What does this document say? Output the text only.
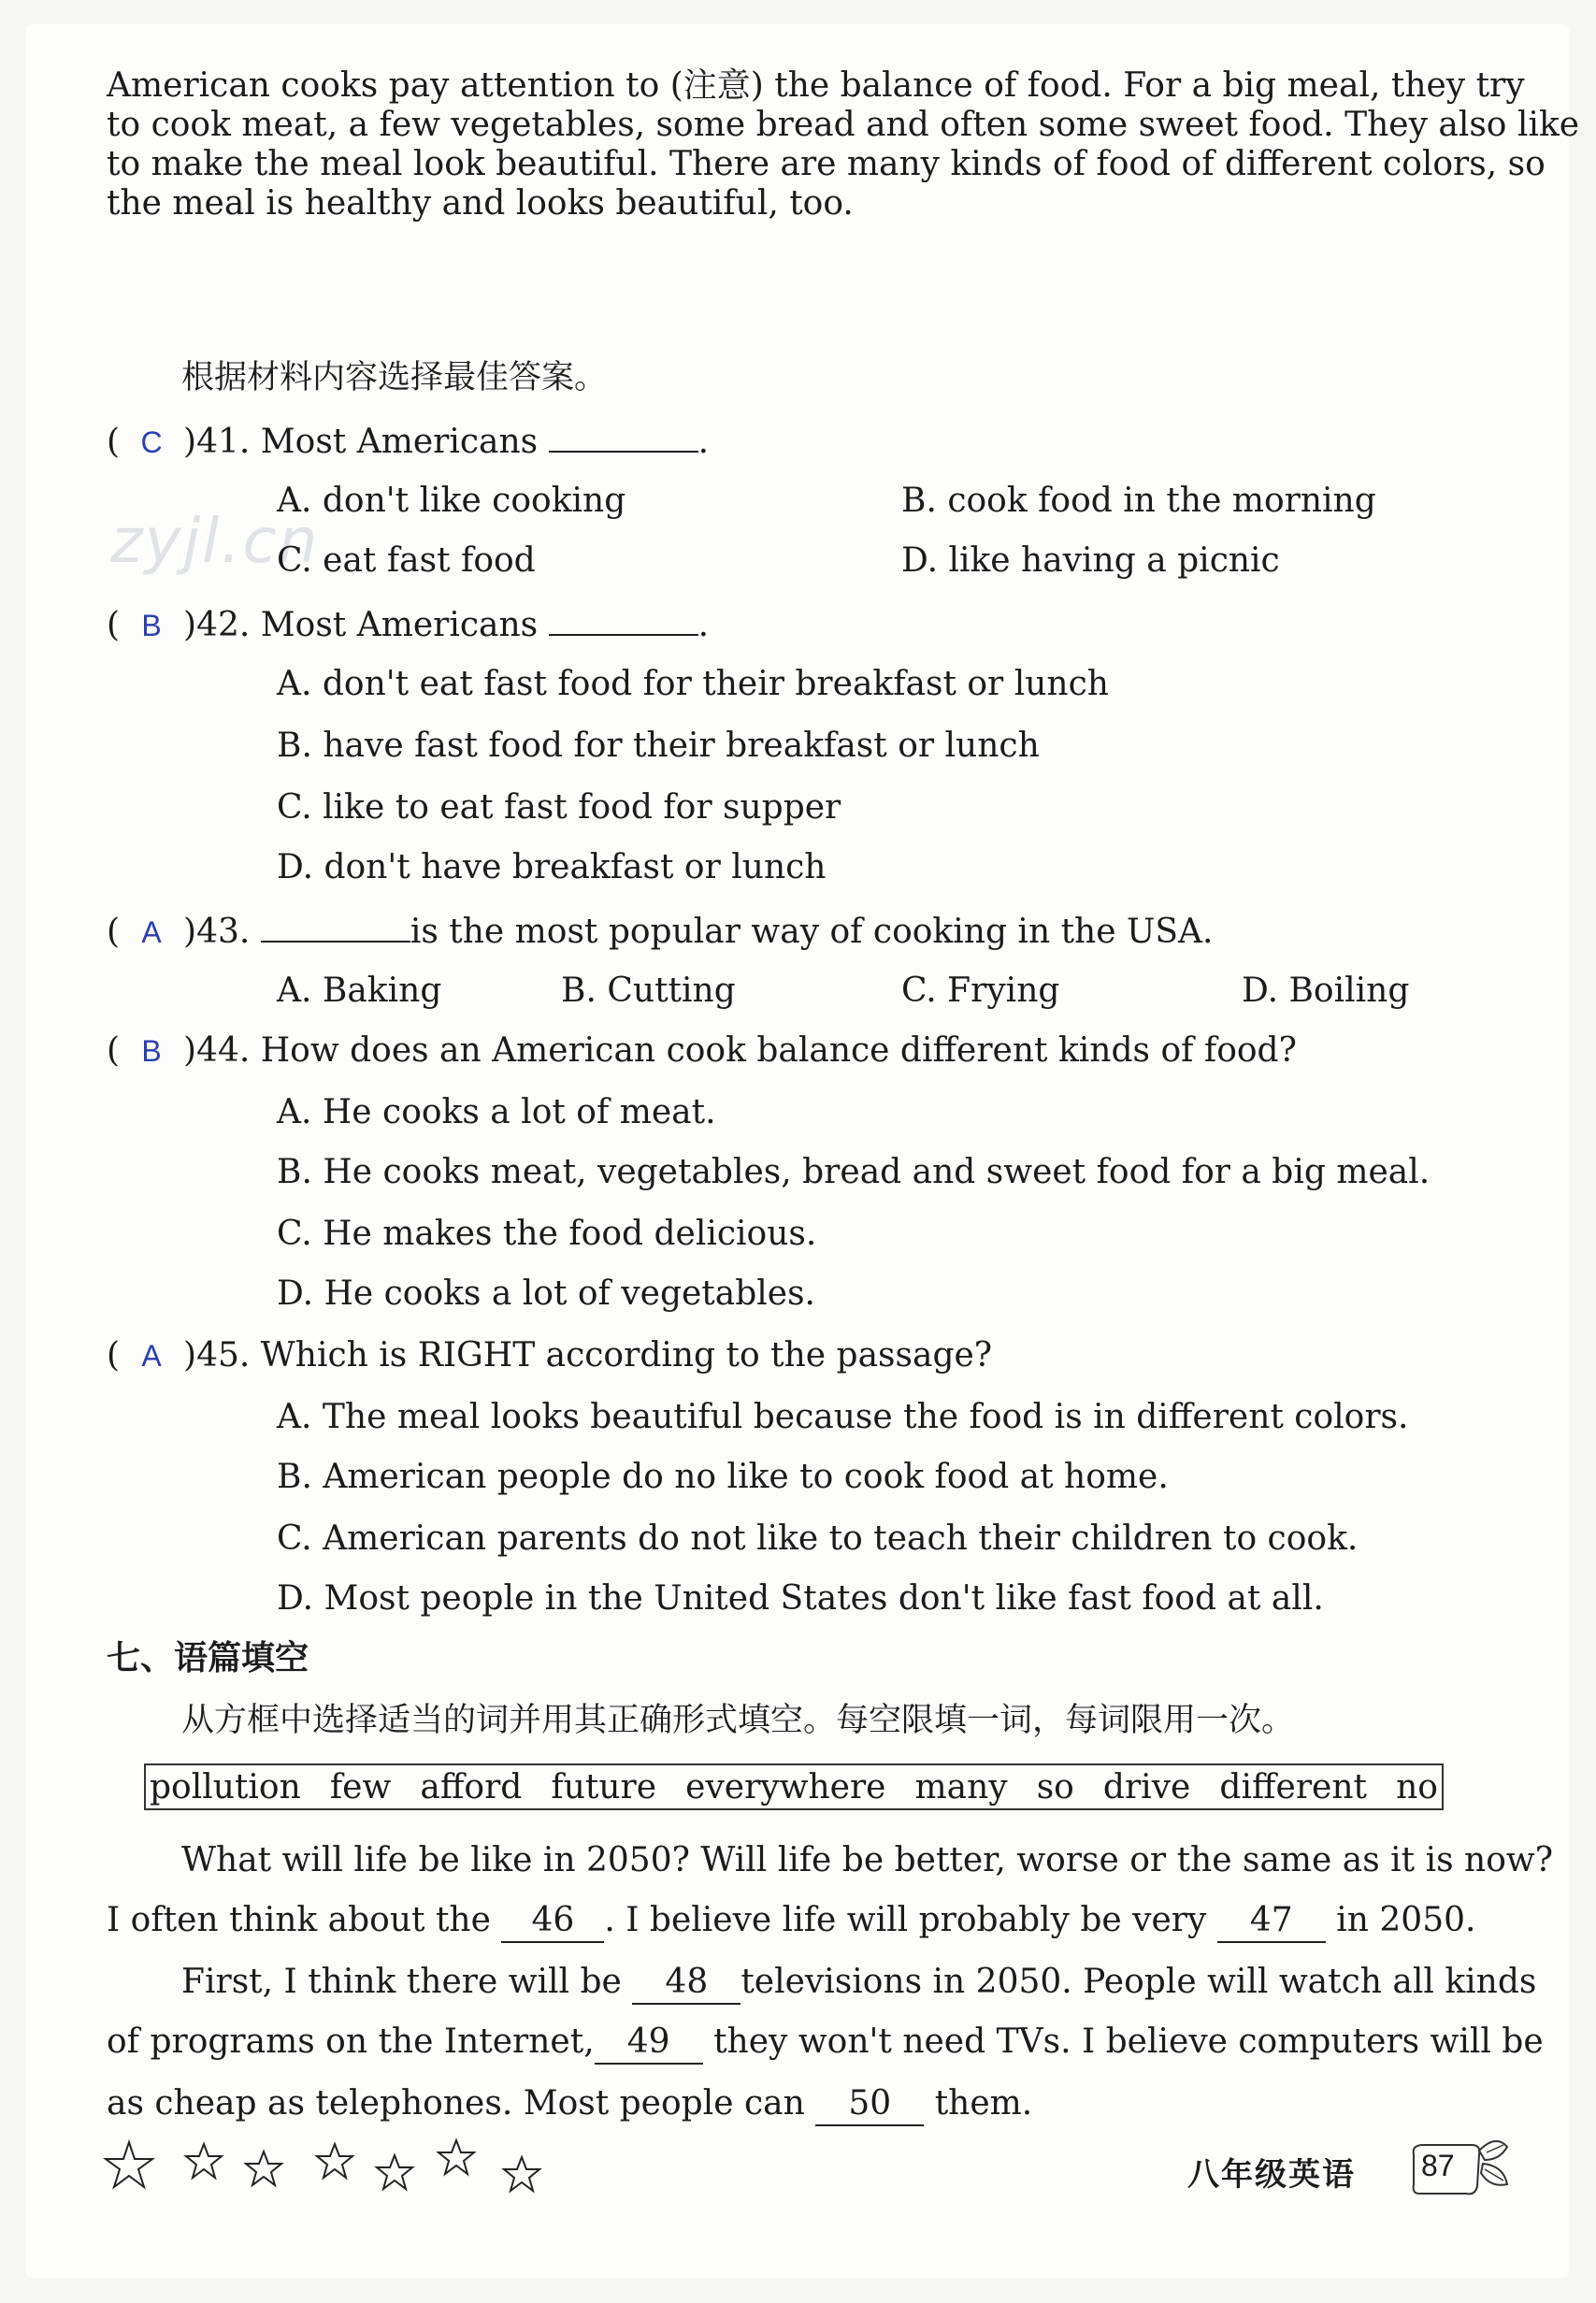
American cooks pay attention to (注意) the balance of food. For a big meal, they try
to cook meat, a few vegetables, some bread and often some sweet food. They also like
to make the meal look beautiful. There are many kinds of food of different colors, so
the meal is healthy and looks beautiful, too.
根据材料内容选择最佳答案。
zyjl.cn
( C )41. Most Americans	.
A. don't like cooking	B. cook food in the morning
C. eat fast food	D. like having a picnic
( B )42. Most Americans	.
A. don't eat fast food for their breakfast or lunch
B. have fast food for their breakfast or lunch
C. like to eat fast food for supper
D. don't have breakfast or lunch
( A )43.	is the most popular way of cooking in the USA.
A. Baking	B. Cutting	C. Frying	D. Boiling
( B )44. How does an American cook balance different kinds of food?
A. He cooks a lot of meat.
B. He cooks meat, vegetables, bread and sweet food for a big meal.
C. He makes the food delicious.
D. He cooks a lot of vegetables.
( A )45. Which is RIGHT according to the passage?
A. The meal looks beautiful because the food is in different colors.
B. American people do no like to cook food at home.
C. American parents do not like to teach their children to cook.
D. Most people in the United States don't like fast food at all.
七、语篇填空
从方框中选择适当的词并用其正确形式填空。每空限填一词，每词限用一次。
pollution few afford future everywhere many so drive different no
What will life be like in 2050? Will life be better, worse or the same as it is now?
I often think about the 46 . I believe life will probably be very 47 in 2050.
First, I think there will be 48 televisions in 2050. People will watch all kinds
of programs on the Internet, 49 they won't need TVs. I believe computers will be
as cheap as telephones. Most people can 50 them.
八年级英语 87
